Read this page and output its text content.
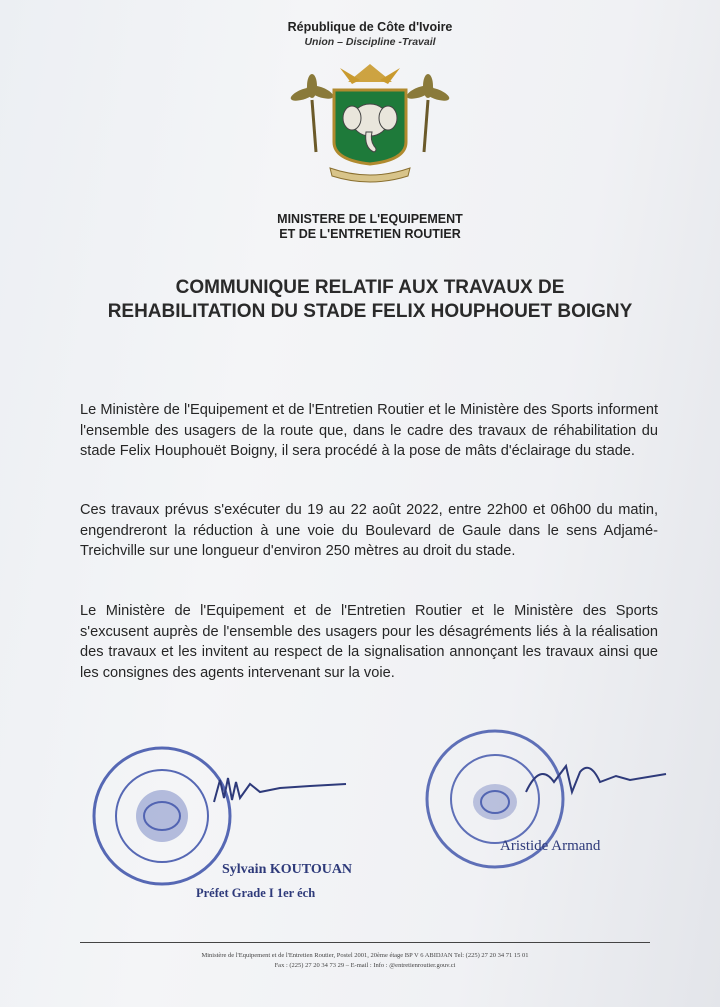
République de Côte d'Ivoire
Union – Discipline -Travail
MINISTERE DE L'EQUIPEMENT
ET DE L'ENTRETIEN ROUTIER
COMMUNIQUE RELATIF AUX TRAVAUX DE
REHABILITATION DU STADE FELIX HOUPHOUET BOIGNY

Le Ministère de l'Equipement et de l'Entretien Routier et le Ministère des Sports informent l'ensemble des usagers de la route que, dans le cadre des travaux de réhabilitation du stade Felix Houphouët Boigny, il sera procédé à la pose de mâts d'éclairage du stade.

Ces travaux prévus s'exécuter du 19 au 22 août 2022, entre 22h00 et 06h00 du matin, engendreront la réduction à une voie du Boulevard de Gaule dans le sens Adjamé-Treichville sur une longueur d'environ 250 mètres au droit du stade.

Le Ministère de l'Equipement et de l'Entretien Routier et le Ministère des Sports s'excusent auprès de l'ensemble des usagers pour les désagréments liés à la réalisation des travaux et les invitent au respect de la signalisation annonçant les travaux ainsi que les consignes des agents intervenant sur la voie.

Sylvain KOUTOUAN
Préfet Grade I 1er éch
Aristide Armand
Ministère de l'Equipement et de l'Entretien Routier, Postel 2001, 20ème étage BP V 6 ABIDJAN Tel: (225) 27 20 34 71 15 01
Fax : (225) 27 20 34 73 29 – E-mail : Info : @entretienroutier.gouv.ci
